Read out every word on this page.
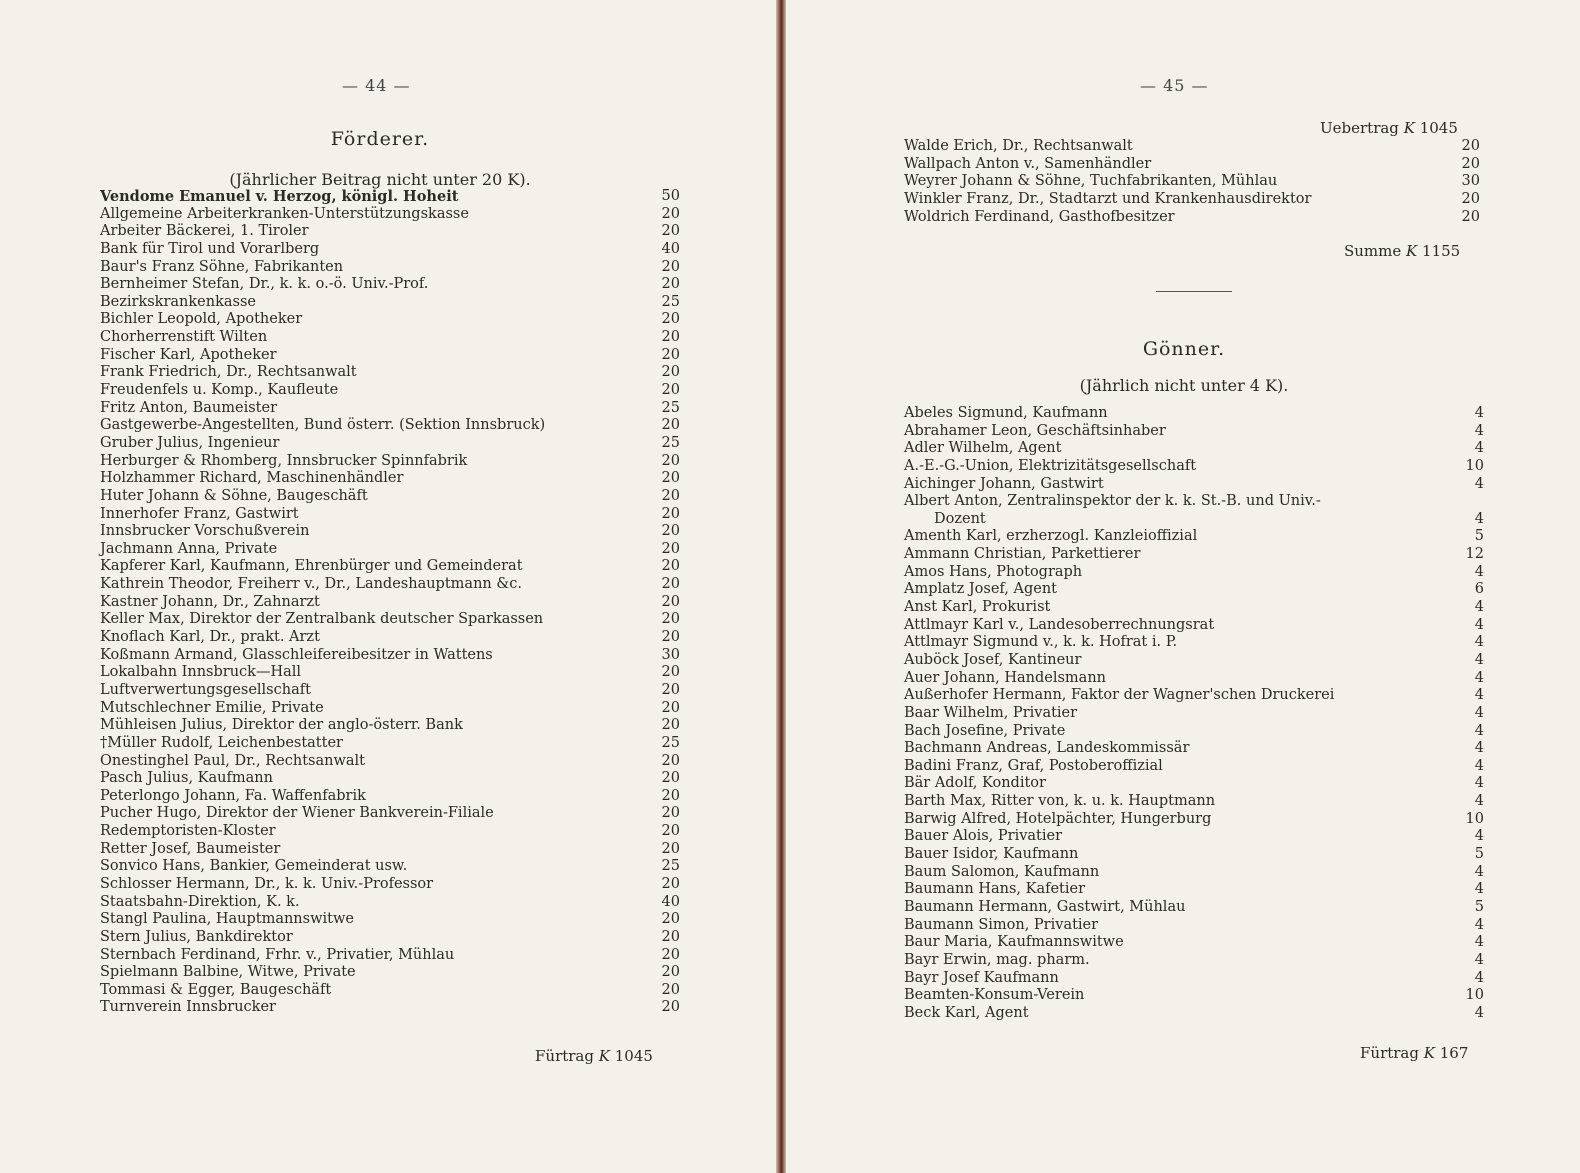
— 44 —
Förderer.
(Jährlicher Beitrag nicht unter 20 K).
Vendome Emanuel v. Herzog, königl. Hoheit	50
Allgemeine Arbeiterkranken-Unterstützungskasse	20
Arbeiter Bäckerei, 1. Tiroler	20
Bank für Tirol und Vorarlberg	40
Baur's Franz Söhne, Fabrikanten	20
Bernheimer Stefan, Dr., k. k. o.-ö. Univ.-Prof.	20
Bezirkskrankenkasse	25
Bichler Leopold, Apotheker	20
Chorherrenstift Wilten	20
Fischer Karl, Apotheker	20
Frank Friedrich, Dr., Rechtsanwalt	20
Freudenfels u. Komp., Kaufleute	20
Fritz Anton, Baumeister	25
Gastgewerbe-Angestellten, Bund österr. (Sektion Innsbruck)	20
Gruber Julius, Ingenieur	25
Herburger & Rhomberg, Innsbrucker Spinnfabrik	20
Holzhammer Richard, Maschinenhändler	20
Huter Johann & Söhne, Baugeschäft	20
Innerhofer Franz, Gastwirt	20
Innsbrucker Vorschußverein	20
Jachmann Anna, Private	20
Kapferer Karl, Kaufmann, Ehrenbürger und Gemeinderat	20
Kathrein Theodor, Freiherr v., Dr., Landeshauptmann &c.	20
Kastner Johann, Dr., Zahnarzt	20
Keller Max, Direktor der Zentralbank deutscher Sparkassen	20
Knoflach Karl, Dr., prakt. Arzt	20
Koßmann Armand, Glasschleifereibesitzer in Wattens	30
Lokalbahn Innsbruck—Hall	20
Luftverwertungsgesellschaft	20
Mutschlechner Emilie, Private	20
Mühleisen Julius, Direktor der anglo-österr. Bank	20
†Müller Rudolf, Leichenbestatter	25
Onestinghel Paul, Dr., Rechtsanwalt	20
Pasch Julius, Kaufmann	20
Peterlongo Johann, Fa. Waffenfabrik	20
Pucher Hugo, Direktor der Wiener Bankverein-Filiale	20
Redemptoristen-Kloster	20
Retter Josef, Baumeister	20
Sonvico Hans, Bankier, Gemeinderat usw.	25
Schlosser Hermann, Dr., k. k. Univ.-Professor	20
Staatsbahn-Direktion, K. k.	40
Stangl Paulina, Hauptmannswitwe	20
Stern Julius, Bankdirektor	20
Sternbach Ferdinand, Frhr. v., Privatier, Mühlau	20
Spielmann Balbine, Witwe, Private	20
Tommasi & Egger, Baugeschäft	20
Turnverein Innsbrucker	20
Fürtrag K 1045
— 45 —
Uebertrag K 1045
Walde Erich, Dr., Rechtsanwalt	20
Wallpach Anton v., Samenhändler	20
Weyrer Johann & Söhne, Tuchfabrikanten, Mühlau	30
Winkler Franz, Dr., Stadtarzt und Krankenhausdirektor	20
Woldrich Ferdinand, Gasthofbesitzer	20
Summe K 1155
Gönner.
(Jährlich nicht unter 4 K).
Abeles Sigmund, Kaufmann	4
Abrahamer Leon, Geschäftsinhaber	4
Adler Wilhelm, Agent	4
A.-E.-G.-Union, Elektrizitätsgesellschaft	10
Aichinger Johann, Gastwirt	4
Albert Anton, Zentralinspektor der k. k. St.-B. und Univ.-
Dozent	4
Amenth Karl, erzherzogl. Kanzleioffizial	5
Ammann Christian, Parkettierer	12
Amos Hans, Photograph	4
Amplatz Josef, Agent	6
Anst Karl, Prokurist	4
Attlmayr Karl v., Landesoberrechnungsrat	4
Attlmayr Sigmund v., k. k. Hofrat i. P.	4
Auböck Josef, Kantineur	4
Auer Johann, Handelsmann	4
Außerhofer Hermann, Faktor der Wagner'schen Druckerei	4
Baar Wilhelm, Privatier	4
Bach Josefine, Private	4
Bachmann Andreas, Landeskommissär	4
Badini Franz, Graf, Postoberoffizial	4
Bär Adolf, Konditor	4
Barth Max, Ritter von, k. u. k. Hauptmann	4
Barwig Alfred, Hotelpächter, Hungerburg	10
Bauer Alois, Privatier	4
Bauer Isidor, Kaufmann	5
Baum Salomon, Kaufmann	4
Baumann Hans, Kafetier	4
Baumann Hermann, Gastwirt, Mühlau	5
Baumann Simon, Privatier	4
Baur Maria, Kaufmannswitwe	4
Bayr Erwin, mag. pharm.	4
Bayr Josef Kaufmann	4
Beamten-Konsum-Verein	10
Beck Karl, Agent	4
Fürtrag K 167
